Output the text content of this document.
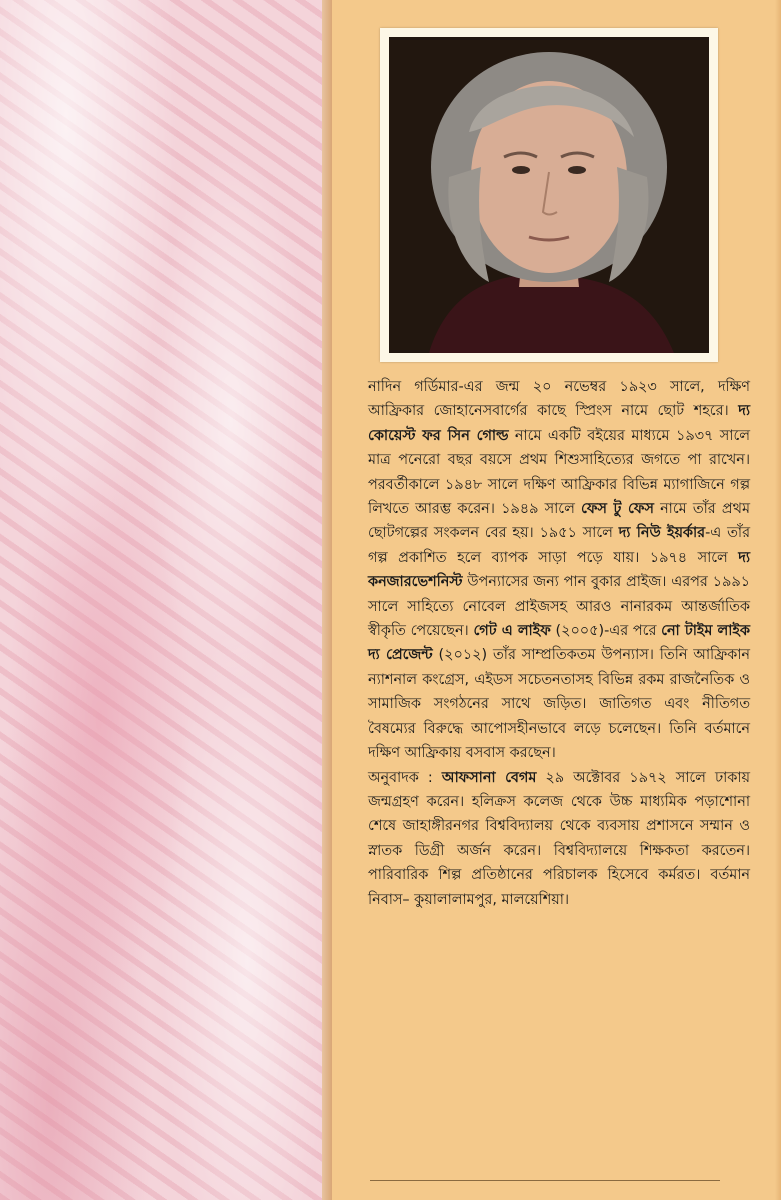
নাদিন গর্ডিমার-এর জন্ম ২০ নভেম্বর ১৯২৩ সালে, দক্ষিণ আফ্রিকার জোহানেসবার্গের কাছে স্প্রিংস নামে ছোট শহরে। দ্য কোয়েস্ট ফর সিন গোল্ড নামে একটি বইয়ের মাধ্যমে ১৯৩৭ সালে মাত্র পনেরো বছর বয়সে প্রথম শিশুসাহিত্যের জগতে পা রাখেন। পরবর্তীকালে ১৯৪৮ সালে দক্ষিণ আফ্রিকার বিভিন্ন ম্যাগাজিনে গল্প লিখতে আরম্ভ করেন। ১৯৪৯ সালে ফেস টু ফেস নামে তাঁর প্রথম ছোটগল্পের সংকলন বের হয়। ১৯৫১ সালে দ্য নিউ ইয়র্কার-এ তাঁর গল্প প্রকাশিত হলে ব্যাপক সাড়া পড়ে যায়। ১৯৭৪ সালে দ্য কনজারভেশনিস্ট উপন্যাসের জন্য পান বুকার প্রাইজ। এরপর ১৯৯১ সালে সাহিত্যে নোবেল প্রাইজসহ আরও নানারকম আন্তর্জাতিক স্বীকৃতি পেয়েছেন। গেট এ লাইফ (২০০৫)-এর পরে নো টাইম লাইক দ্য প্রেজেন্ট (২০১২) তাঁর সাম্প্রতিকতম উপন্যাস। তিনি আফ্রিকান ন্যাশনাল কংগ্রেস, এইডস সচেতনতাসহ বিভিন্ন রকম রাজনৈতিক ও সামাজিক সংগঠনের সাথে জড়িত। জাতিগত এবং নীতিগত বৈষম্যের বিরুদ্ধে আপোসহীনভাবে লড়ে চলেছেন। তিনি বর্তমানে দক্ষিণ আফ্রিকায় বসবাস করছেন।

অনুবাদক : আফসানা বেগম ২৯ অক্টোবর ১৯৭২ সালে ঢাকায় জন্মগ্রহণ করেন। হলিক্রস কলেজ থেকে উচ্চ মাধ্যমিক পড়াশোনা শেষে জাহাঙ্গীরনগর বিশ্ববিদ্যালয় থেকে ব্যবসায় প্রশাসনে সম্মান ও স্নাতক ডিগ্রী অর্জন করেন। বিশ্ববিদ্যালয়ে শিক্ষকতা করতেন। পারিবারিক শিল্প প্রতিষ্ঠানের পরিচালক হিসেবে কর্মরত। বর্তমান নিবাস– কুয়ালালামপুর, মালয়েশিয়া।
